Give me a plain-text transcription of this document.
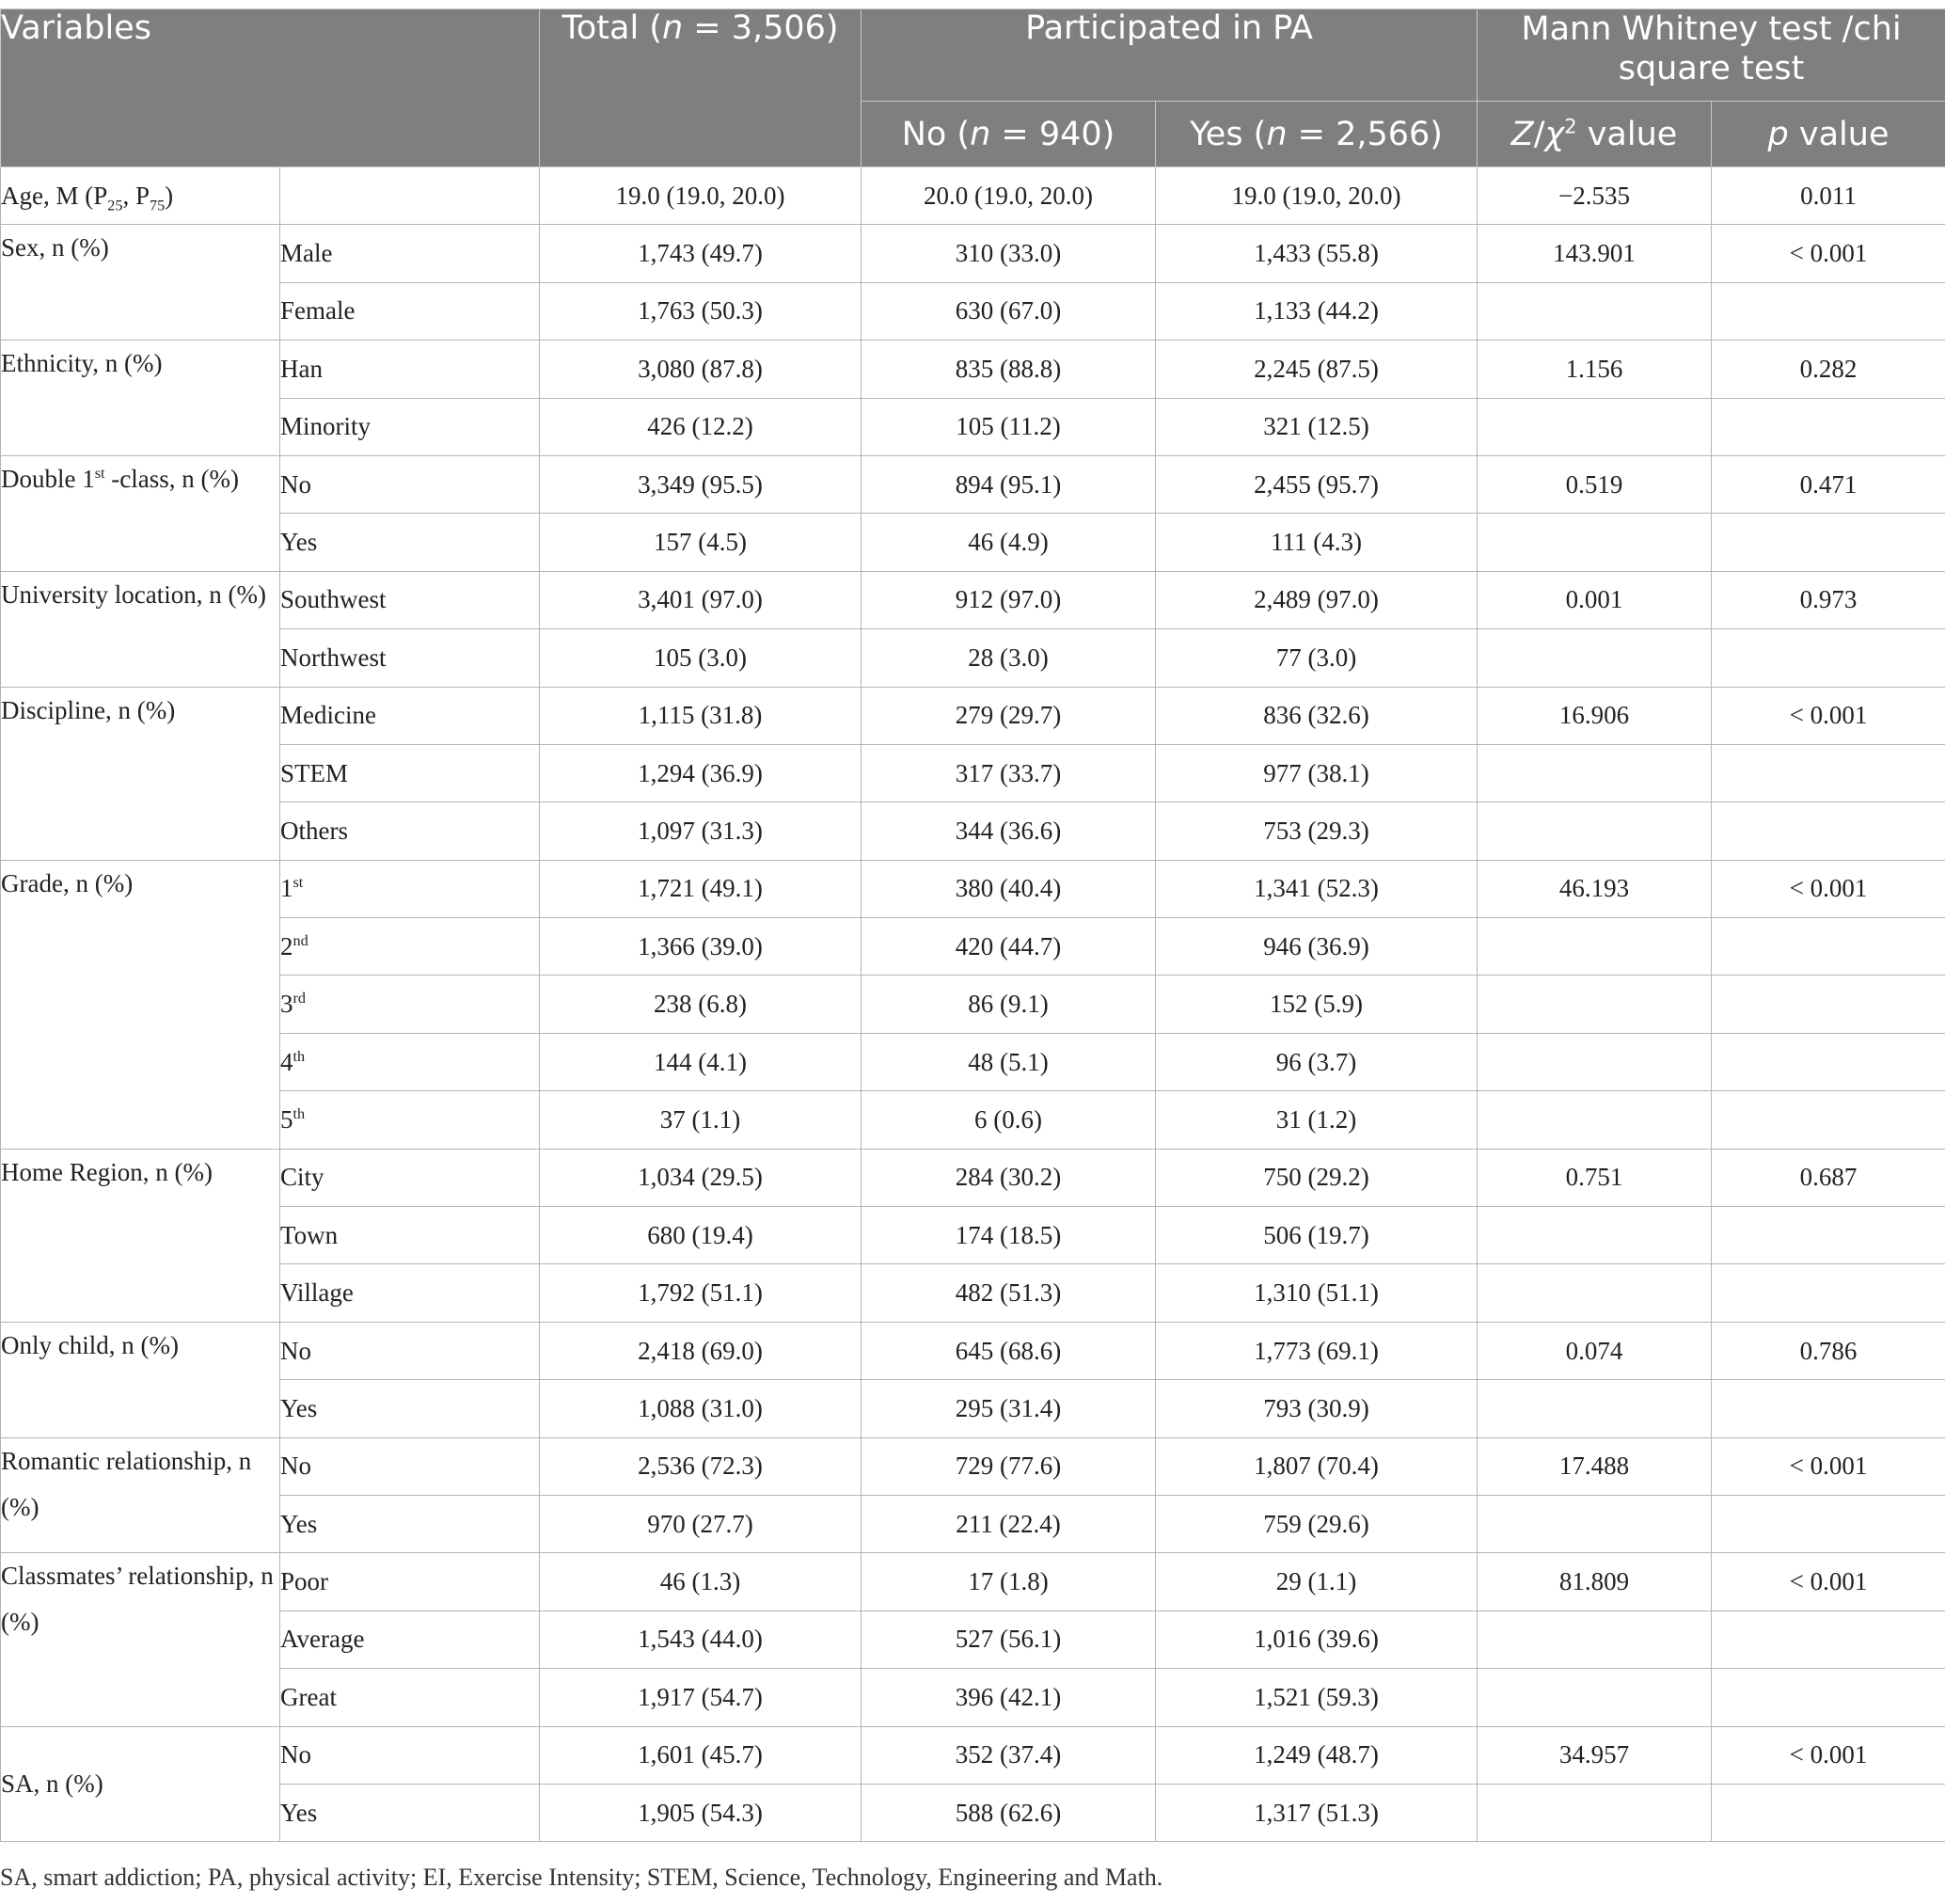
Variables		Total (n = 3,506)	Participated in PA		Mann Whitney test /chi square test	
			No (n = 940)	Yes (n = 2,566)	$Z/\chi^2$ value	p value
Age, M ($P_{25}$, $P_{75}$)		19.0 (19.0, 20.0)	20.0 (19.0, 20.0)	19.0 (19.0, 20.0)	−2.535	0.011
Sex, n (%)	Male	1,743 (49.7)	310 (33.0)	1,433 (55.8)	143.901	< 0.001
	Female	1,763 (50.3)	630 (67.0)	1,133 (44.2)		
Ethnicity, n (%)	Han	3,080 (87.8)	835 (88.8)	2,245 (87.5)	1.156	0.282
	Minority	426 (12.2)	105 (11.2)	321 (12.5)		
Double 1st -class, n (%)	No	3,349 (95.5)	894 (95.1)	2,455 (95.7)	0.519	0.471
	Yes	157 (4.5)	46 (4.9)	111 (4.3)		
University location, n (%)	Southwest	3,401 (97.0)	912 (97.0)	2,489 (97.0)	0.001	0.973
	Northwest	105 (3.0)	28 (3.0)	77 (3.0)		
Discipline, n (%)	Medicine	1,115 (31.8)	279 (29.7)	836 (32.6)	16.906	< 0.001
	STEM	1,294 (36.9)	317 (33.7)	977 (38.1)		
	Others	1,097 (31.3)	344 (36.6)	753 (29.3)		
Grade, n (%)	1st	1,721 (49.1)	380 (40.4)	1,341 (52.3)	46.193	< 0.001
	2nd	1,366 (39.0)	420 (44.7)	946 (36.9)		
	3rd	238 (6.8)	86 (9.1)	152 (5.9)		
	4th	144 (4.1)	48 (5.1)	96 (3.7)		
	5th	37 (1.1)	6 (0.6)	31 (1.2)		
Home Region, n (%)	City	1,034 (29.5)	284 (30.2)	750 (29.2)	0.751	0.687
	Town	680 (19.4)	174 (18.5)	506 (19.7)		
	Village	1,792 (51.1)	482 (51.3)	1,310 (51.1)		
Only child, n (%)	No	2,418 (69.0)	645 (68.6)	1,773 (69.1)	0.074	0.786
	Yes	1,088 (31.0)	295 (31.4)	793 (30.9)		
Romantic relationship, n (%)	No	2,536 (72.3)	729 (77.6)	1,807 (70.4)	17.488	< 0.001
	Yes	970 (27.7)	211 (22.4)	759 (29.6)		
Classmates’ relationship, n (%)	Poor	46 (1.3)	17 (1.8)	29 (1.1)	81.809	< 0.001
	Average	1,543 (44.0)	527 (56.1)	1,016 (39.6)		
	Great	1,917 (54.7)	396 (42.1)	1,521 (59.3)		
SA, n (%)	No	1,601 (45.7)	352 (37.4)	1,249 (48.7)	34.957	< 0.001
	Yes	1,905 (54.3)	588 (62.6)	1,317 (51.3)		
SA, smart addiction; PA, physical activity; EI, Exercise Intensity; STEM, Science, Technology, Engineering and Math.
